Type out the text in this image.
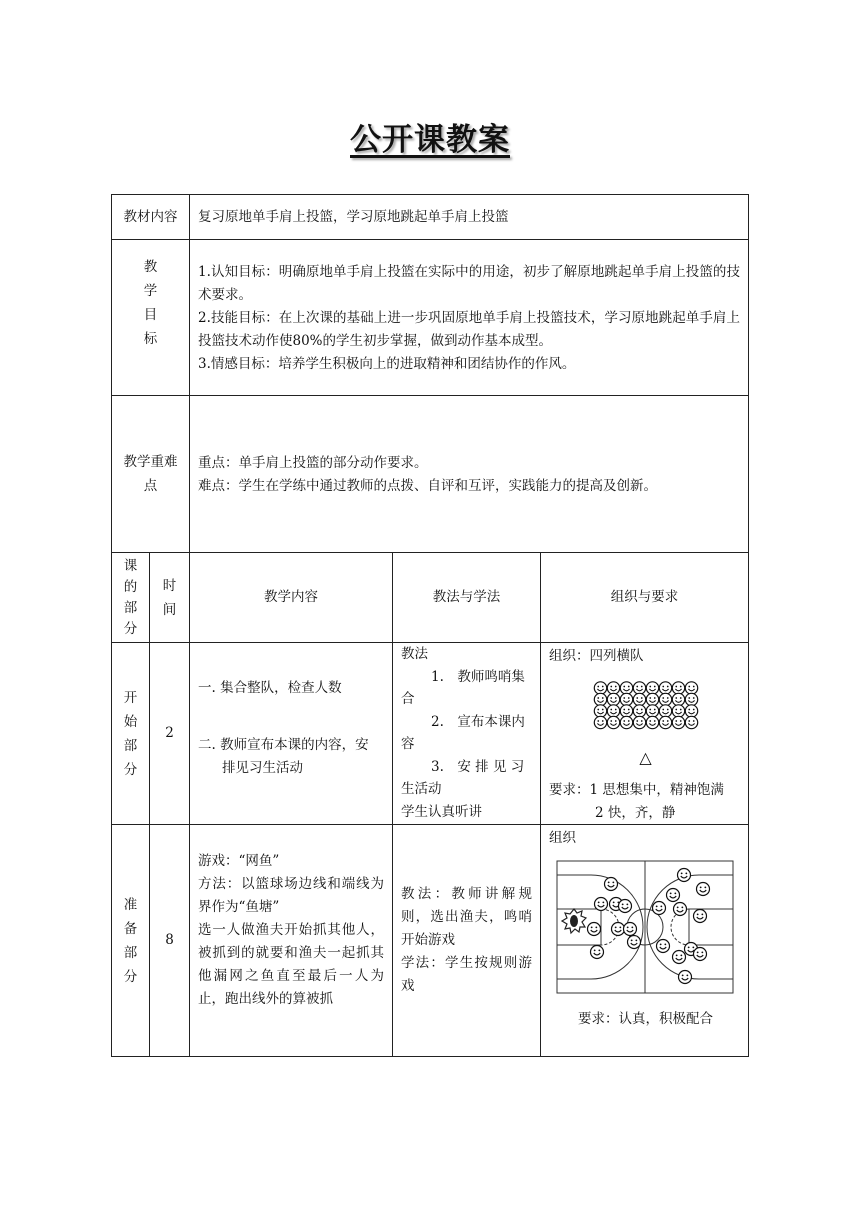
公开课教案
教材内容 复习原地单手肩上投篮，学习原地跳起单手肩上投篮
教
学
目
标

1.认知目标：明确原地单手肩上投篮在实际中的用途，初步了解原地跳起单手肩上投篮的技术要求。

2.技能目标：在上次课的基础上进一步巩固原地单手肩上投篮技术，学习原地跳起单手肩上投篮技术动作使80%的学生初步掌握，做到动作基本成型。

3.情感目标：培养学生积极向上的进取精神和团结协作的作风。

教学重难
点

重点：单手肩上投篮的部分动作要求。

难点：学生在学练中通过教师的点拨、自评和互评，实践能力的提高及创新。

课
的
部
分
时
间
教学内容	教法与学法	组织与要求
开
始
部
分
2

一. 集合整队，检查人数

二. 教师宣布本课的内容，安

排见习生活动

教法

1.　教师鸣哨集

合

2.　宣布本课内

容

3.　安 排 见 习

生活动

学生认真听讲

组织：四列横队

△

要求：1 思想集中，精神饱满

2 快，齐，静

准
备
部
分
8

游戏：“网鱼”

方法：以篮球场边线和端线为界作为“鱼塘”

选一人做渔夫开始抓其他人，被抓到的就要和渔夫一起抓其他漏网之鱼直至最后一人为止，跑出线外的算被抓

教法：教师讲解规则，选出渔夫，鸣哨开始游戏

学法：学生按规则游戏

组织

要求：认真，积极配合
